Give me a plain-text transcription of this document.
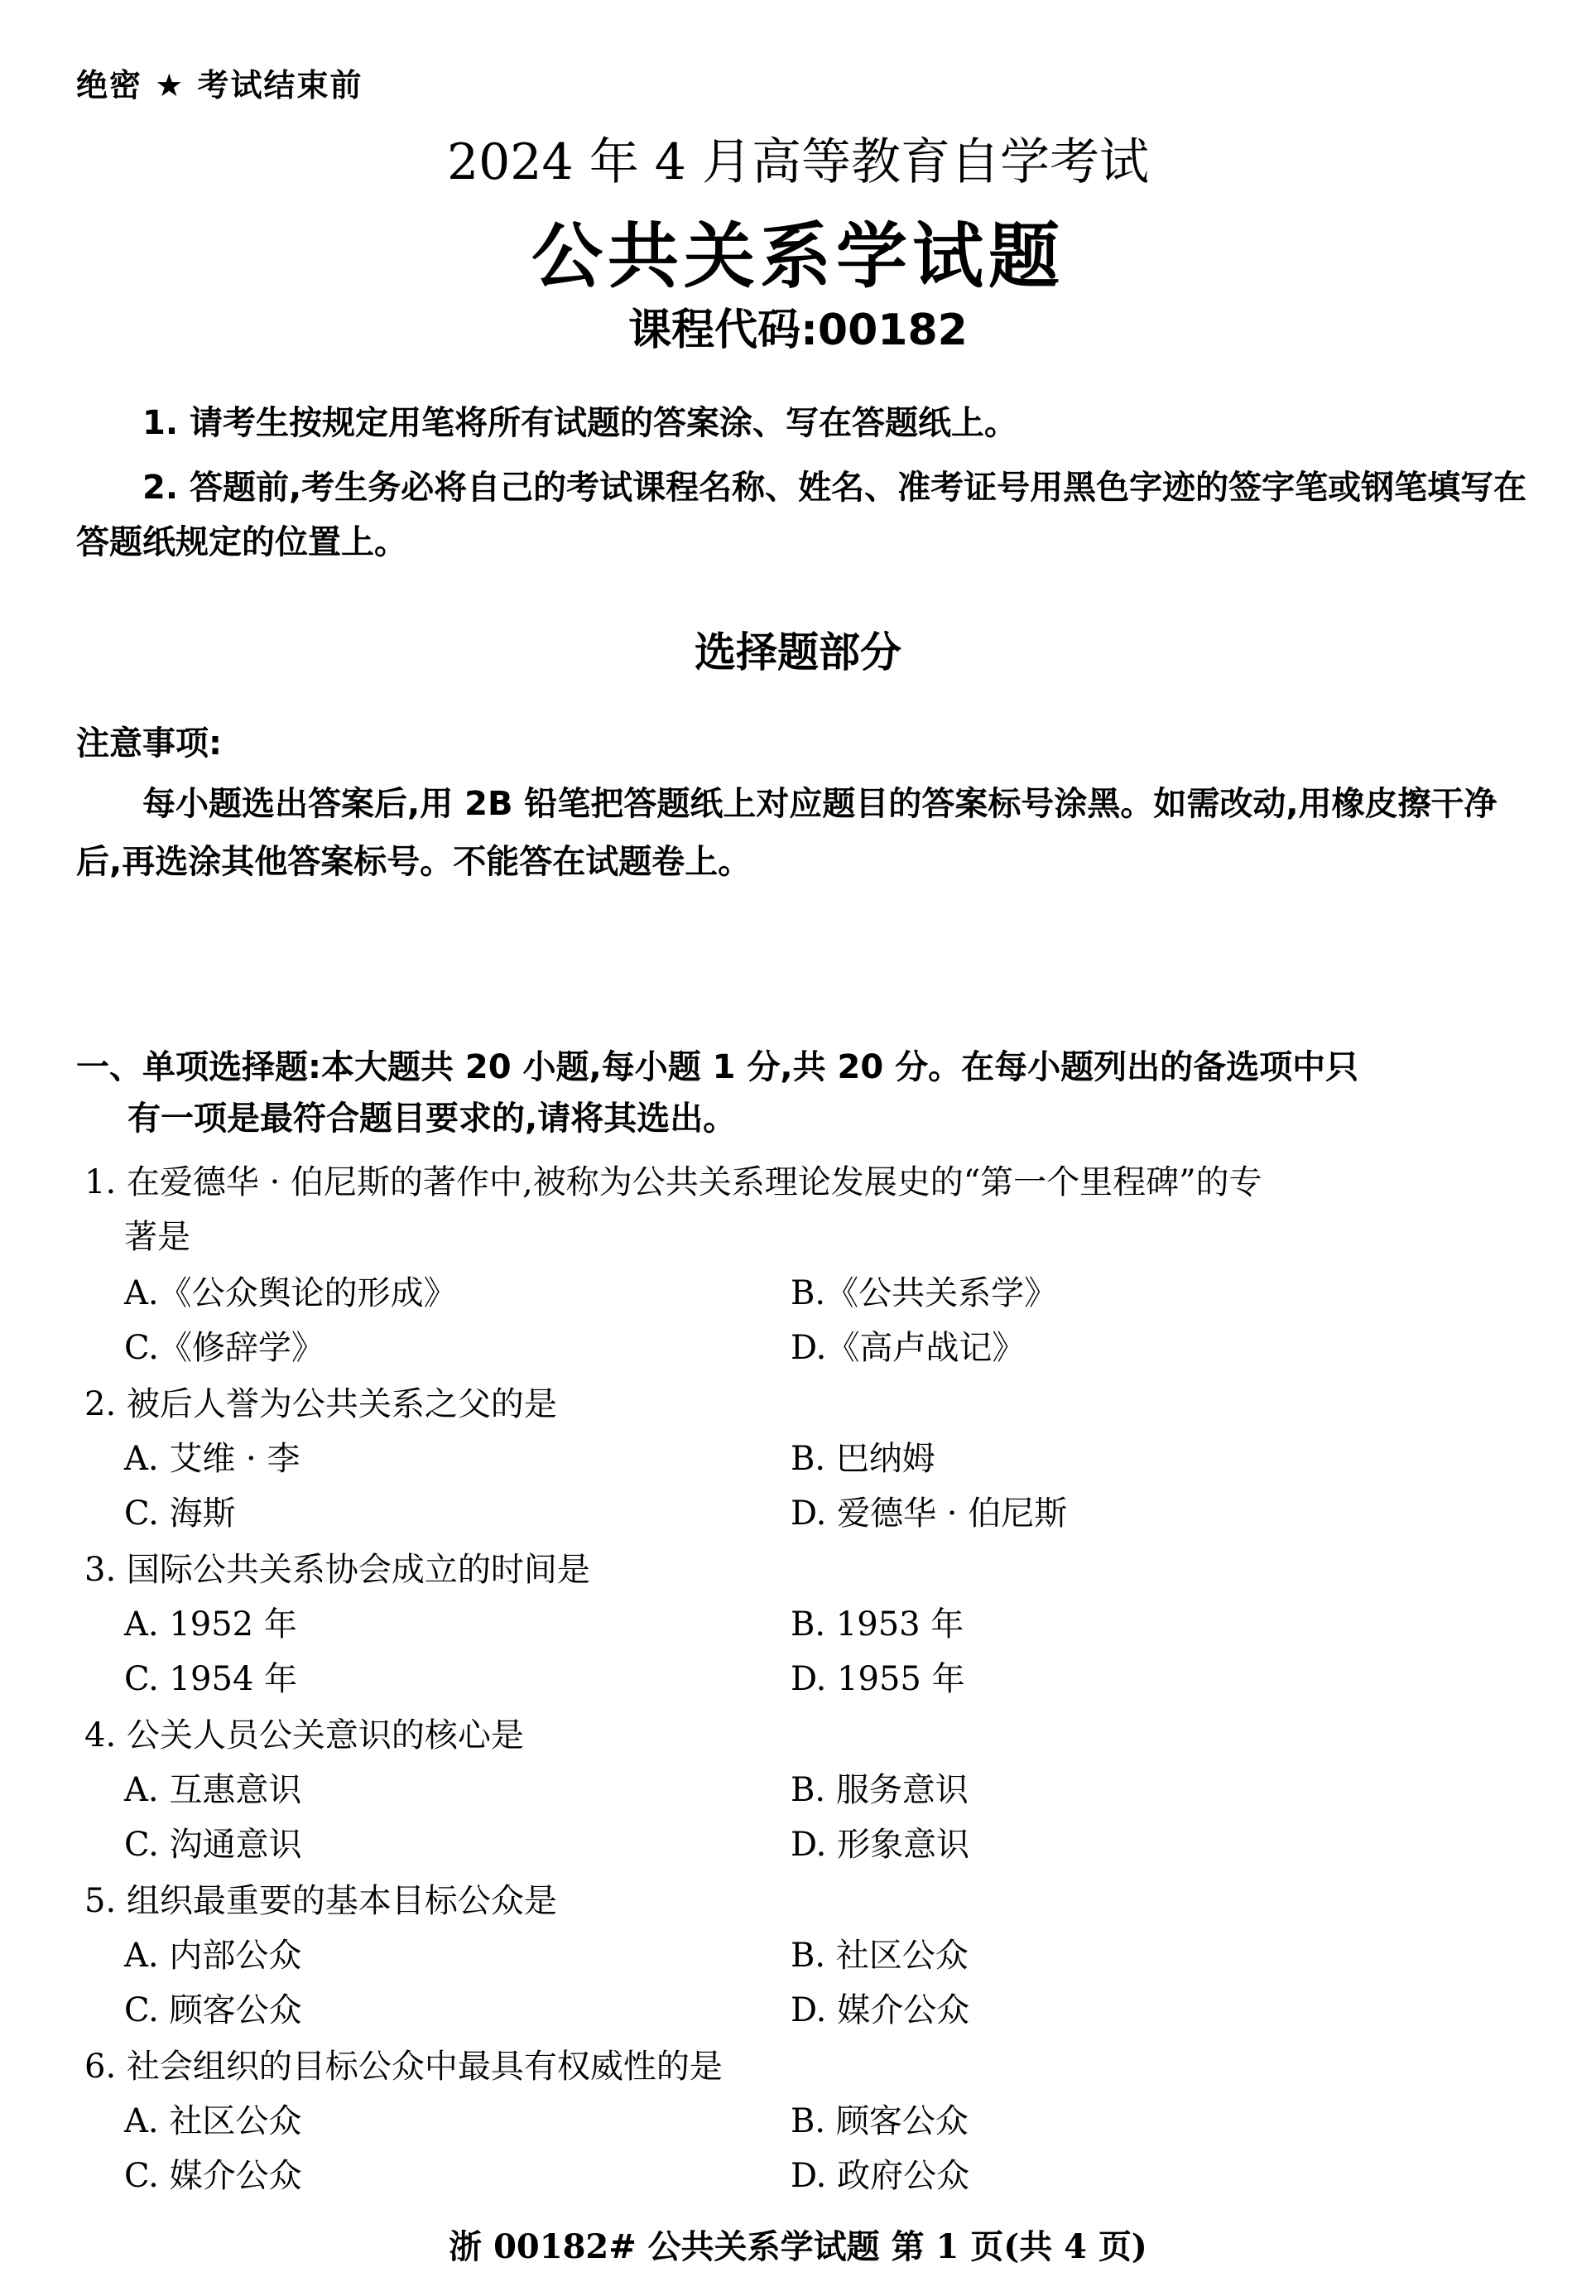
绝密 ★ 考试结束前
2024 年 4 月高等教育自学考试
公共关系学试题
课程代码:00182
1. 请考生按规定用笔将所有试题的答案涂、写在答题纸上。
2. 答题前,考生务必将自己的考试课程名称、姓名、准考证号用黑色字迹的签字笔或钢笔填写在答题纸规定的位置上。
选择题部分
注意事项:
每小题选出答案后,用 2B 铅笔把答题纸上对应题目的答案标号涂黑。如需改动,用橡皮擦干净后,再选涂其他答案标号。不能答在试题卷上。
一、单项选择题:本大题共 20 小题,每小题 1 分,共 20 分。在每小题列出的备选项中只
有一项是最符合题目要求的,请将其选出。
1. 在爱德华 · 伯尼斯的著作中,被称为公共关系理论发展史的“第一个里程碑”的专
著是
A.《公众舆论的形成》	B.《公共关系学》
C.《修辞学》	D.《高卢战记》
2. 被后人誉为公共关系之父的是
A. 艾维 · 李	B. 巴纳姆
C. 海斯	D. 爱德华 · 伯尼斯
3. 国际公共关系协会成立的时间是
A. 1952 年	B. 1953 年
C. 1954 年	D. 1955 年
4. 公关人员公关意识的核心是
A. 互惠意识	B. 服务意识
C. 沟通意识	D. 形象意识
5. 组织最重要的基本目标公众是
A. 内部公众	B. 社区公众
C. 顾客公众	D. 媒介公众
6. 社会组织的目标公众中最具有权威性的是
A. 社区公众	B. 顾客公众
C. 媒介公众	D. 政府公众
浙 00182# 公共关系学试题 第 1 页(共 4 页)
